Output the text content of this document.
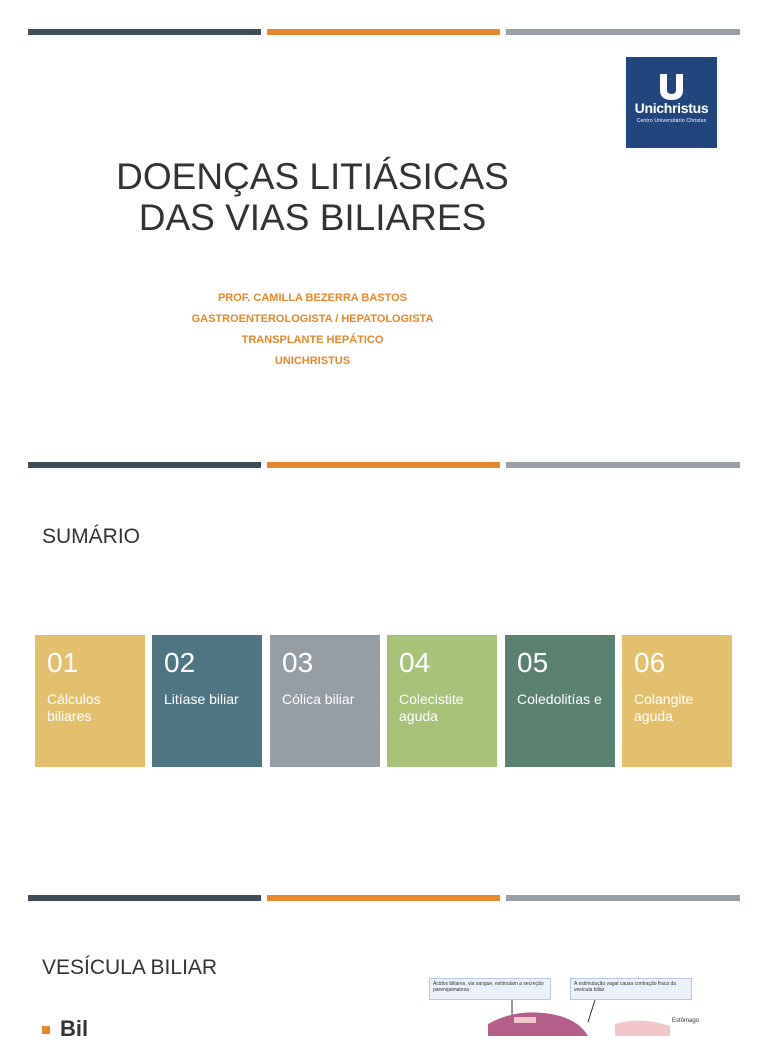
Unichristus
Centro Universitário Christus
DOENÇAS LITIÁSICAS
DAS VIAS BILIARES
PROF. CAMILLA BEZERRA BASTOS
GASTROENTEROLOGISTA / HEPATOLOGISTA
TRANSPLANTE HEPÁTICO
UNICHRISTUS
SUMÁRIO
01
Cálculos biliares
02
Litíase biliar
03
Cólica biliar
04
Colecistite aguda
05
Coledolitías e
06
Colangite aguda
VESÍCULA BILIAR
Bil
Ácidos biliares, via sangue, estimulam a secreção parenquimatosa
A estimulação vagal causa contração fraca da vesícula biliar
Estômago
